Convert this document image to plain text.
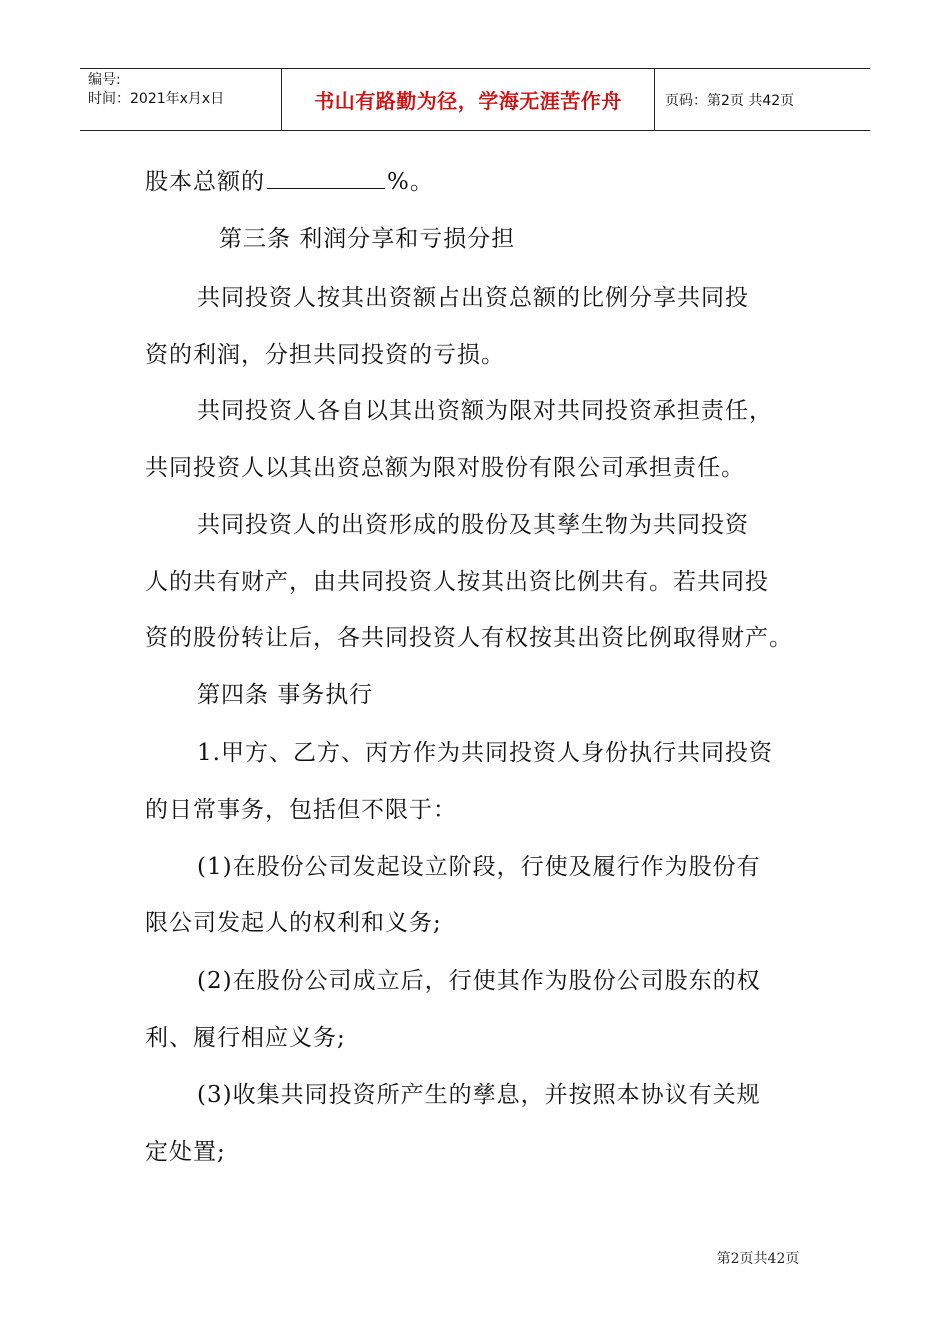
编号:
时间：2021年x月x日	书山有路勤为径，学海无涯苦作舟	页码：第2页 共42页
股本总额的	%。
第三条 利润分享和亏损分担
共同投资人按其出资额占出资总额的比例分享共同投
资的利润，分担共同投资的亏损。
共同投资人各自以其出资额为限对共同投资承担责任，
共同投资人以其出资总额为限对股份有限公司承担责任。
共同投资人的出资形成的股份及其孳生物为共同投资
人的共有财产，由共同投资人按其出资比例共有。若共同投
资的股份转让后，各共同投资人有权按其出资比例取得财产。
第四条 事务执行
1.甲方、乙方、丙方作为共同投资人身份执行共同投资
的日常事务，包括但不限于：
(1)在股份公司发起设立阶段，行使及履行作为股份有
限公司发起人的权利和义务;
(2)在股份公司成立后，行使其作为股份公司股东的权
利、履行相应义务;
(3)收集共同投资所产生的孳息，并按照本协议有关规
定处置;
第2页共42页
